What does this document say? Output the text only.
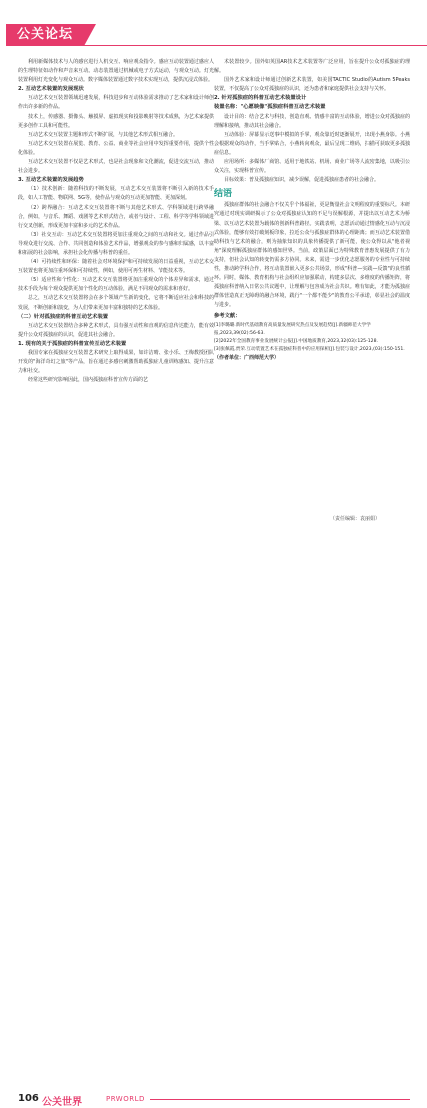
公关论坛

利用新媒体技术与人的感官进行人机交互、响应观众指令。感应互动装置通过感应人的生理特征如动作和声音来互动。动态装置通过机械或电子方式运动，与观众互动。灯光装置利用灯光变化与观众互动。数字媒体装置通过数字技术实现互动，提供沉浸式体验。

2. 互动艺术装置的发展现状

互动艺术交互装置领域迅速发展，科技进步和互动体验需求推动了艺术家和设计师创作出许多新的作品。

技术上，传感器、摄像头、触摸屏、虚拟现实和投影映射等技术成熟，为艺术家提供更多创作工具和可能性。

互动艺术交互装置主题和形式不断扩展，与其他艺术形式相互融合。

互动艺术交互装置在展览、教育、公益、商业等社会应用中发挥重要作用，提供个性化体验。

互动艺术交互装置不仅是艺术形式，也是社会现象和文化潮流，促进交流互动，推动社会进步。

3. 互动艺术装置的发展趋势

（1）技术创新：随着科技的不断发展，互动艺术交互装置将不断引入新的技术手段，如人工智能、物联网、5G等，使作品与观众的互动更加智能、更加深刻。

（2）跨界融合：互动艺术交互装置将不断与其他艺术形式、学科领域进行跨界融合，例如，与音乐、舞蹈、戏剧等艺术形式结合，或者与设计、工程、科学等学科领域进行交叉创新，形成更加丰富和多元的艺术作品。

（3）社交互动：互动艺术交互装置将更加注重观众之间的互动和社交。通过作品引导观众进行交流、合作、共同创造和体验艺术作品，增强观众的参与感和归属感，以丰富和拓展的社会影响，承担社会化传播与科普的重任。

（4）可持续性和环保：随着社会对环境保护和可持续发展的日益重视，互动艺术交互装置也将更加注重环保和可持续性，例如，使用可再生材料、节能技术等。

（5）适应性和个性化：互动艺术交互装置将更加注重观众的个体差异和需求，通过技术手段为每个观众提供更加个性化的互动体验，满足不同观众的需求和喜好。

总之，互动艺术交互装置将会在多个领域产生新的变化，它将不断适应社会和科技的发展，不断创新和演变，为人们带来更加丰富和独特的艺术体验。

（二）针对孤独症的科普互动艺术装置

互动艺术交互装置结合多种艺术形式，具有强互动性和直观的信息传达能力，能有效提升公众对孤独症的认识，促进其社会融合。

1. 现有的关于孤独症的科普宣传互动艺术装置

我国专家在孤独症交互装置艺术研究上取得成果，如许洁晴、张小乐、王梅教授团队开发的"海洋奇幻之旅"等产品，旨在通过多感官刺激帮助孤独症儿童训练感知、提升注意力和社交。

经常这些研究影响因此，国内孤独症科普宣传方面的艺

术装置较少。国外如英国AR技术艺术装置等广泛应用，旨在提升公众对孤独症的理解。

国外艺术家和设计师通过创新艺术装置，如美国TACTIC Studio的Autism 5Peaks装置，不仅提高了公众对孤独症的认识，还为患者和家庭提供社会支持与关怀。

2. 针对孤独症的科普互动艺术装置设计

装置名称："心愿映像"孤独症科普互动艺术装置

设计目的：结合艺术与科技，创造直观、情感丰富的互动体验，增进公众对孤独症的理解和接纳，推动其社会融合。

互动体验：屏幕显示送事中模拟的手掌，观众靠近时逐渐展开，出现小燕身影。小燕会根据观众的动作，当手掌贴合，小燕转向观众，最后呈现二维码，扫描可获取更多孤独症信息。

应用场所：多媒体厂商馆、适用于地铁站、机场、商业广场等人流密集地，以吸引公众关注，实现科普宣传。

目标效果：普及孤独症知识，减少误解，促进孤独症患者的社会融合。

结语

孤独症群体的社会融合不仅关乎个体福祉，更是衡量社会文明程度的重要标尺。本研究通过对现实调研揭示了公众对孤独症认知的不足与误解根源，并提出以互动艺术为桥梁、以互动艺术装置为载体的创新科普路径。实践表明，志愿活动通过情感化互动与沉浸式体验，能够有效打破刻板印象，拉近公众与孤独症群体的心理距离；而互动艺术装置借助科技与艺术的融合，则为抽象知识的具象传播提供了新可能，使公众得以从"他者视角"深度理解孤独症群体的感知世界。当前，政策层面已为特殊教育普惠发展提供了有力支持，但社会认知的转变仍需多方协同。未来，需进一步优化志愿服务的专业性与可持续性，推动跨学科合作，将互动装置嵌入更多公共场景，形成"科普—实践—反馈"的良性循环。同时，媒体、教育机构与社会组织应加强联动，构建多层次、多维度的传播矩阵，将孤独症科普纳入日常公共议题中，让理解与包容成为社会共识。唯有如此，才能为孤独症群体营造真正无障碍的融合环境，践行"一个都不能少"的教育公平承诺，彰显社会的温度与进步。

参考文献：

[1]李璐璐.新时代基础教育高质量发展研究热点及发展趋势[J].新疆师范大学学报,2023,39(02):56-63.

[2]2022年全国教育事业发展统计公报[J].中国地质教育,2023,32(03):125-128.

[3]张佩霞,贾荣.互动装置艺术在孤独症科普中的应用探析[J].包装与设计,2023,(03):150-151.

（作者单位：广西师范大学）

（责任编辑：袁丽娟）
106 公关世界	PRWORLD
